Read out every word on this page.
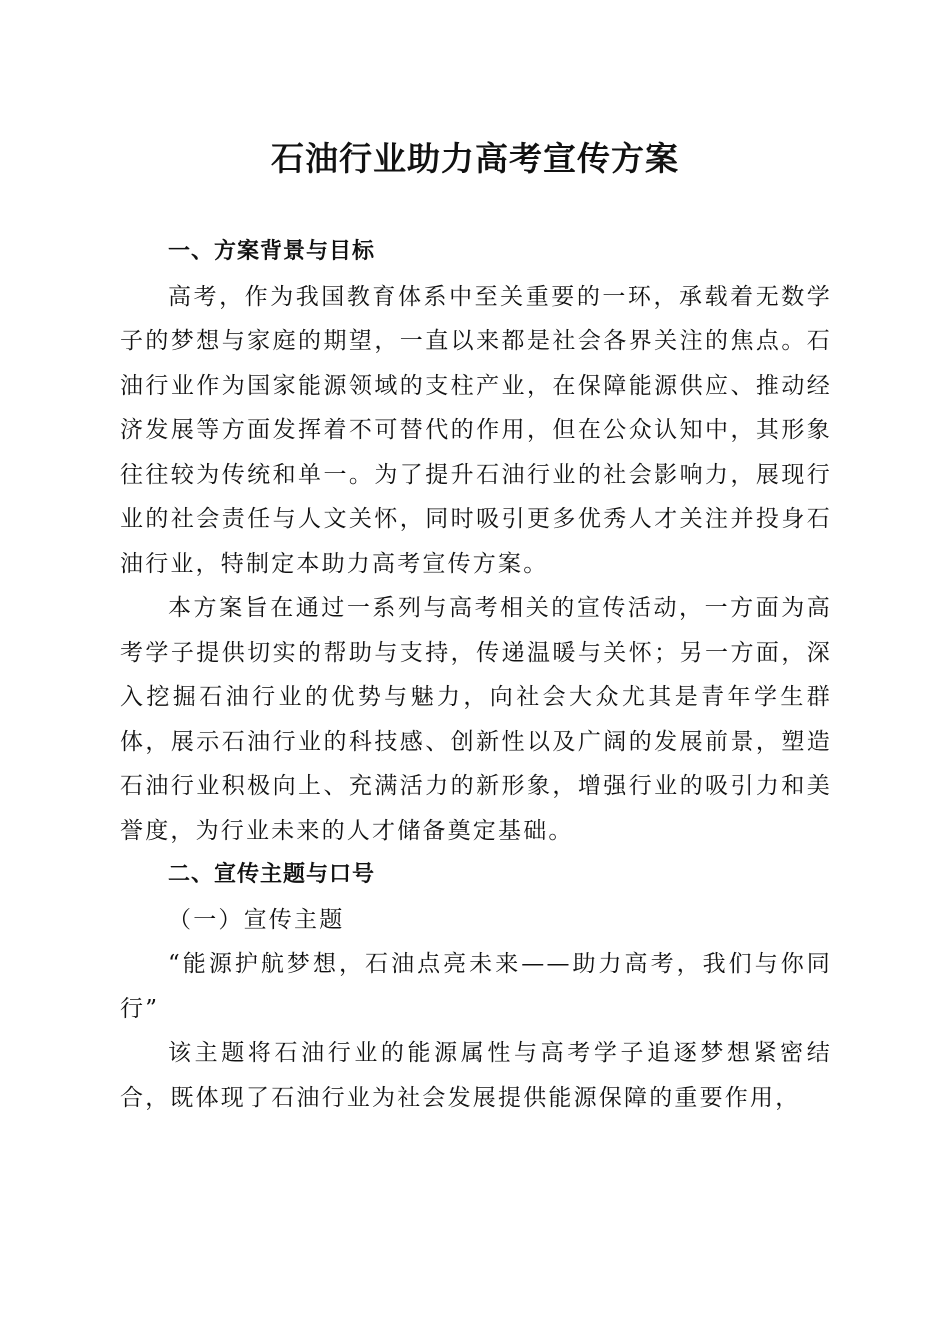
石油行业助力高考宣传方案

一、方案背景与目标

高考，作为我国教育体系中至关重要的一环，承载着无数学子的梦想与家庭的期望，一直以来都是社会各界关注的焦点。石油行业作为国家能源领域的支柱产业，在保障能源供应、推动经济发展等方面发挥着不可替代的作用，但在公众认知中，其形象往往较为传统和单一。为了提升石油行业的社会影响力，展现行业的社会责任与人文关怀，同时吸引更多优秀人才关注并投身石油行业，特制定本助力高考宣传方案。

本方案旨在通过一系列与高考相关的宣传活动，一方面为高考学子提供切实的帮助与支持，传递温暖与关怀；另一方面，深入挖掘石油行业的优势与魅力，向社会大众尤其是青年学生群体，展示石油行业的科技感、创新性以及广阔的发展前景，塑造石油行业积极向上、充满活力的新形象，增强行业的吸引力和美誉度，为行业未来的人才储备奠定基础。

二、宣传主题与口号

（一）宣传主题

“能源护航梦想，石油点亮未来——助力高考，我们与你同行”

该主题将石油行业的能源属性与高考学子追逐梦想紧密结合，既体现了石油行业为社会发展提供能源保障的重要作用，
